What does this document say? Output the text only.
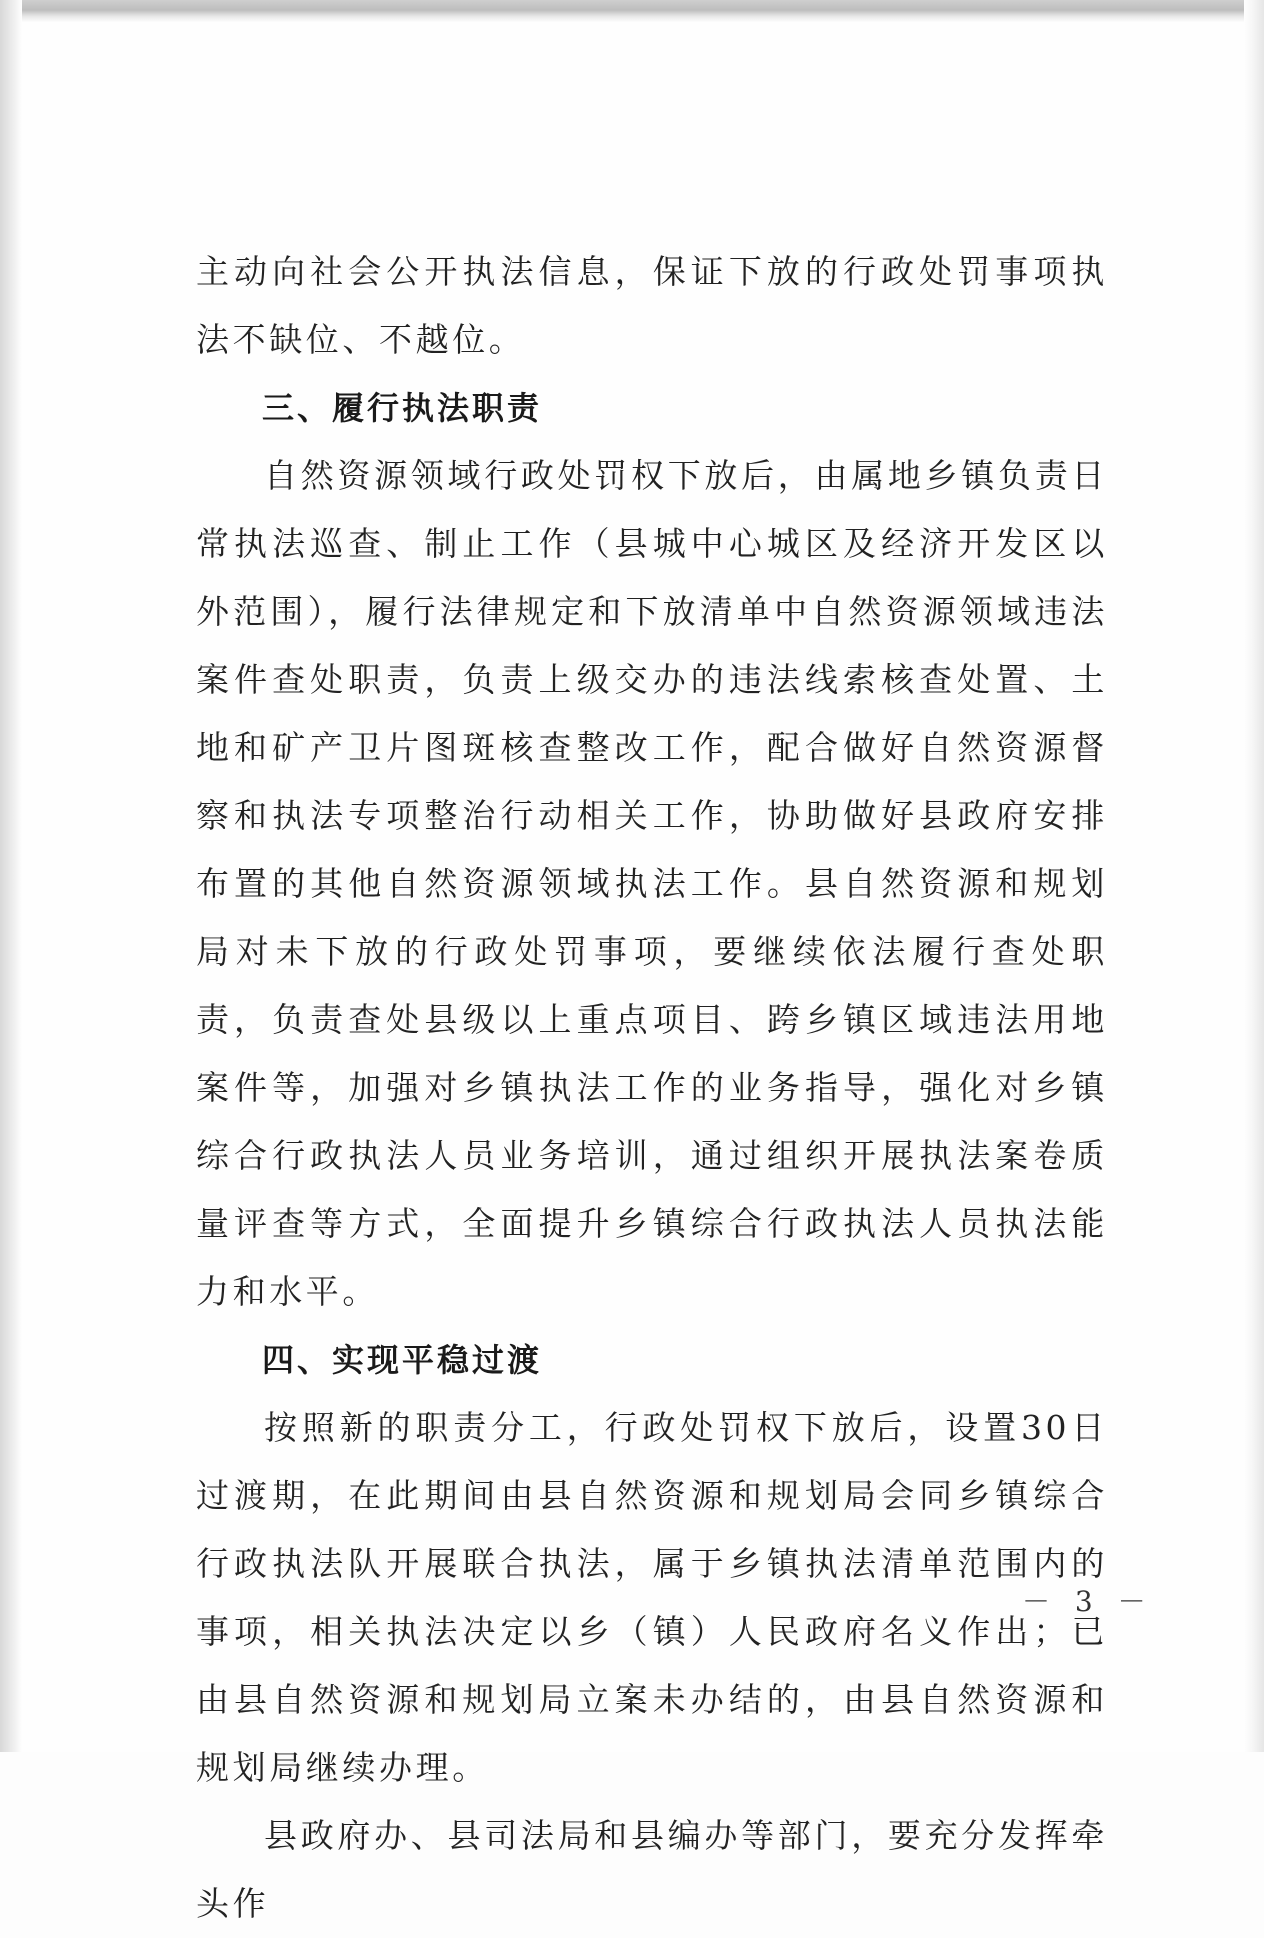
主动向社会公开执法信息，保证下放的行政处罚事项执法不缺位、不越位。

三、履行执法职责

自然资源领域行政处罚权下放后，由属地乡镇负责日常执法巡查、制止工作（县城中心城区及经济开发区以外范围），履行法律规定和下放清单中自然资源领域违法案件查处职责，负责上级交办的违法线索核查处置、土地和矿产卫片图斑核查整改工作，配合做好自然资源督察和执法专项整治行动相关工作，协助做好县政府安排布置的其他自然资源领域执法工作。县自然资源和规划局对未下放的行政处罚事项，要继续依法履行查处职责，负责查处县级以上重点项目、跨乡镇区域违法用地案件等，加强对乡镇执法工作的业务指导，强化对乡镇综合行政执法人员业务培训，通过组织开展执法案卷质量评查等方式，全面提升乡镇综合行政执法人员执法能力和水平。

四、实现平稳过渡

按照新的职责分工，行政处罚权下放后，设置30日过渡期，在此期间由县自然资源和规划局会同乡镇综合行政执法队开展联合执法，属于乡镇执法清单范围内的事项，相关执法决定以乡（镇）人民政府名义作出；已由县自然资源和规划局立案未办结的，由县自然资源和规划局继续办理。

县政府办、县司法局和县编办等部门，要充分发挥牵头作

－ 3 －
